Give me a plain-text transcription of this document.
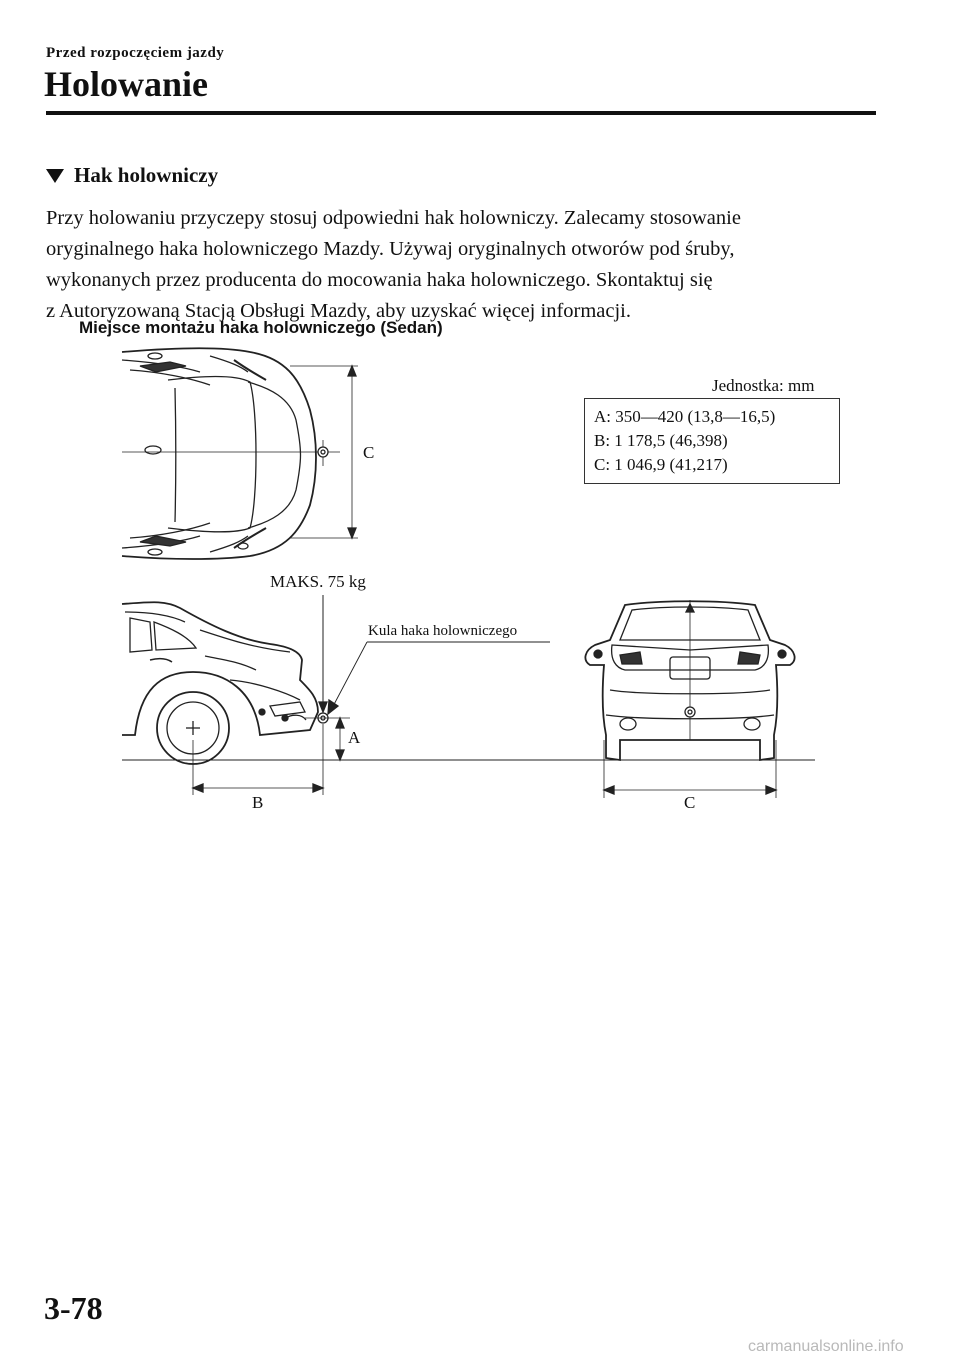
Przed rozpoczęciem jazdy
Holowanie
Hak holowniczy

Przy holowaniu przyczepy stosuj odpowiedni hak holowniczy. Zalecamy stosowanie

oryginalnego haka holowniczego Mazdy. Używaj oryginalnych otworów pod śruby,

wykonanych przez producenta do mocowania haka holowniczego. Skontaktuj się

z Autoryzowaną Stacją Obsługi Mazdy, aby uzyskać więcej informacji.

Miejsce montażu haka holowniczego (Sedan)
C
MAKS. 75 kg
Kula haka holowniczego
A
B	C
Jednostka: mm
A: 350—420 (13,8—16,5)
B: 1 178,5 (46,398)
C: 1 046,9 (41,217)
3-78
carmanualsonline.info
